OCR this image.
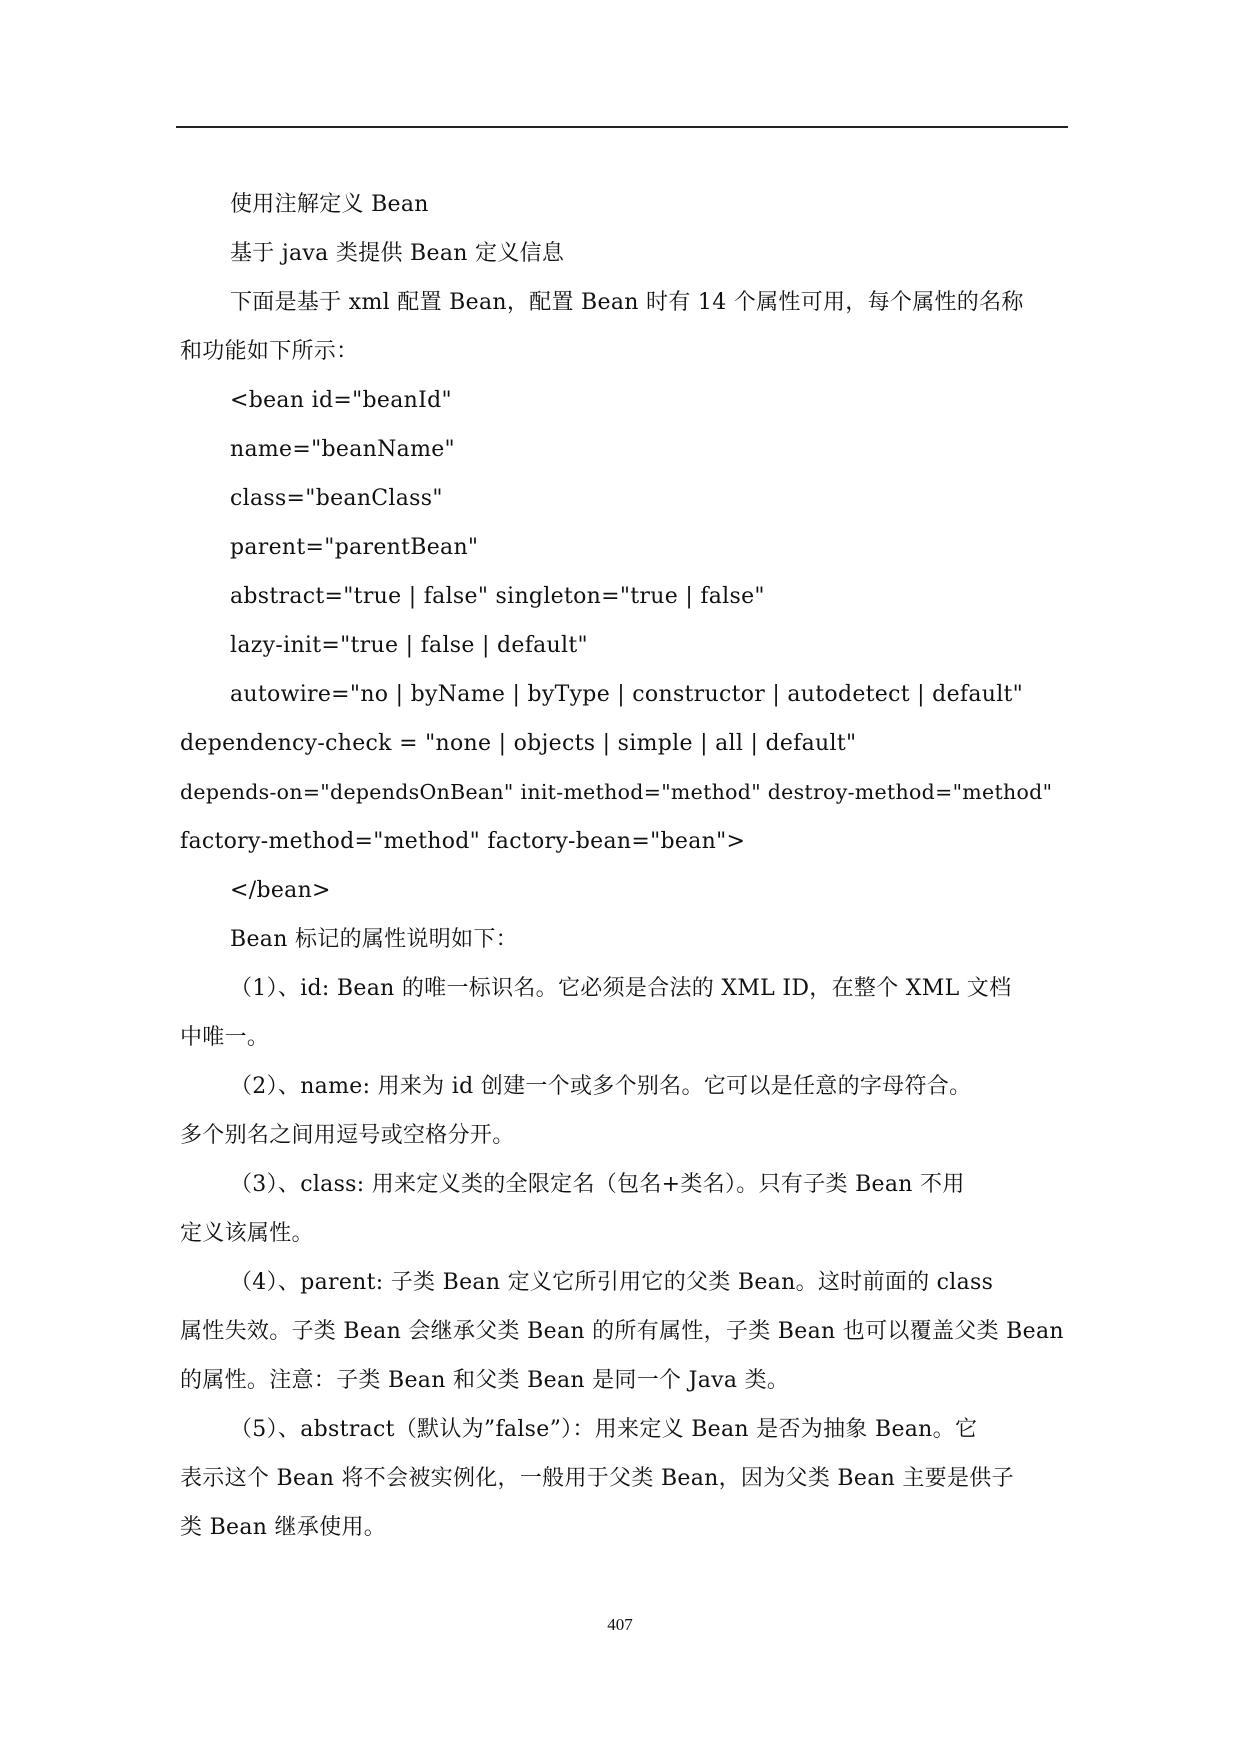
使用注解定义 Bean

基于 java 类提供 Bean 定义信息

下面是基于 xml 配置 Bean，配置 Bean 时有 14 个属性可用，每个属性的名称

和功能如下所示：

<bean id="beanId"

name="beanName"

class="beanClass"

parent="parentBean"

abstract="true | false" singleton="true | false"

lazy-init="true | false | default"

autowire="no | byName | byType | constructor | autodetect | default"

dependency-check = "none | objects | simple | all | default"

depends-on="dependsOnBean" init-method="method" destroy-method="method"

factory-method="method" factory-bean="bean">

</bean>

Bean 标记的属性说明如下：

（1）、id: Bean 的唯一标识名。它必须是合法的 XML ID，在整个 XML 文档

中唯一。

（2）、name: 用来为 id 创建一个或多个别名。它可以是任意的字母符合。

多个别名之间用逗号或空格分开。

（3）、class: 用来定义类的全限定名（包名+类名）。只有子类 Bean 不用

定义该属性。

（4）、parent: 子类 Bean 定义它所引用它的父类 Bean。这时前面的 class

属性失效。子类 Bean 会继承父类 Bean 的所有属性，子类 Bean 也可以覆盖父类 Bean

的属性。注意：子类 Bean 和父类 Bean 是同一个 Java 类。

（5）、abstract（默认为”false”）：用来定义 Bean 是否为抽象 Bean。它

表示这个 Bean 将不会被实例化，一般用于父类 Bean，因为父类 Bean 主要是供子

类 Bean 继承使用。

407
